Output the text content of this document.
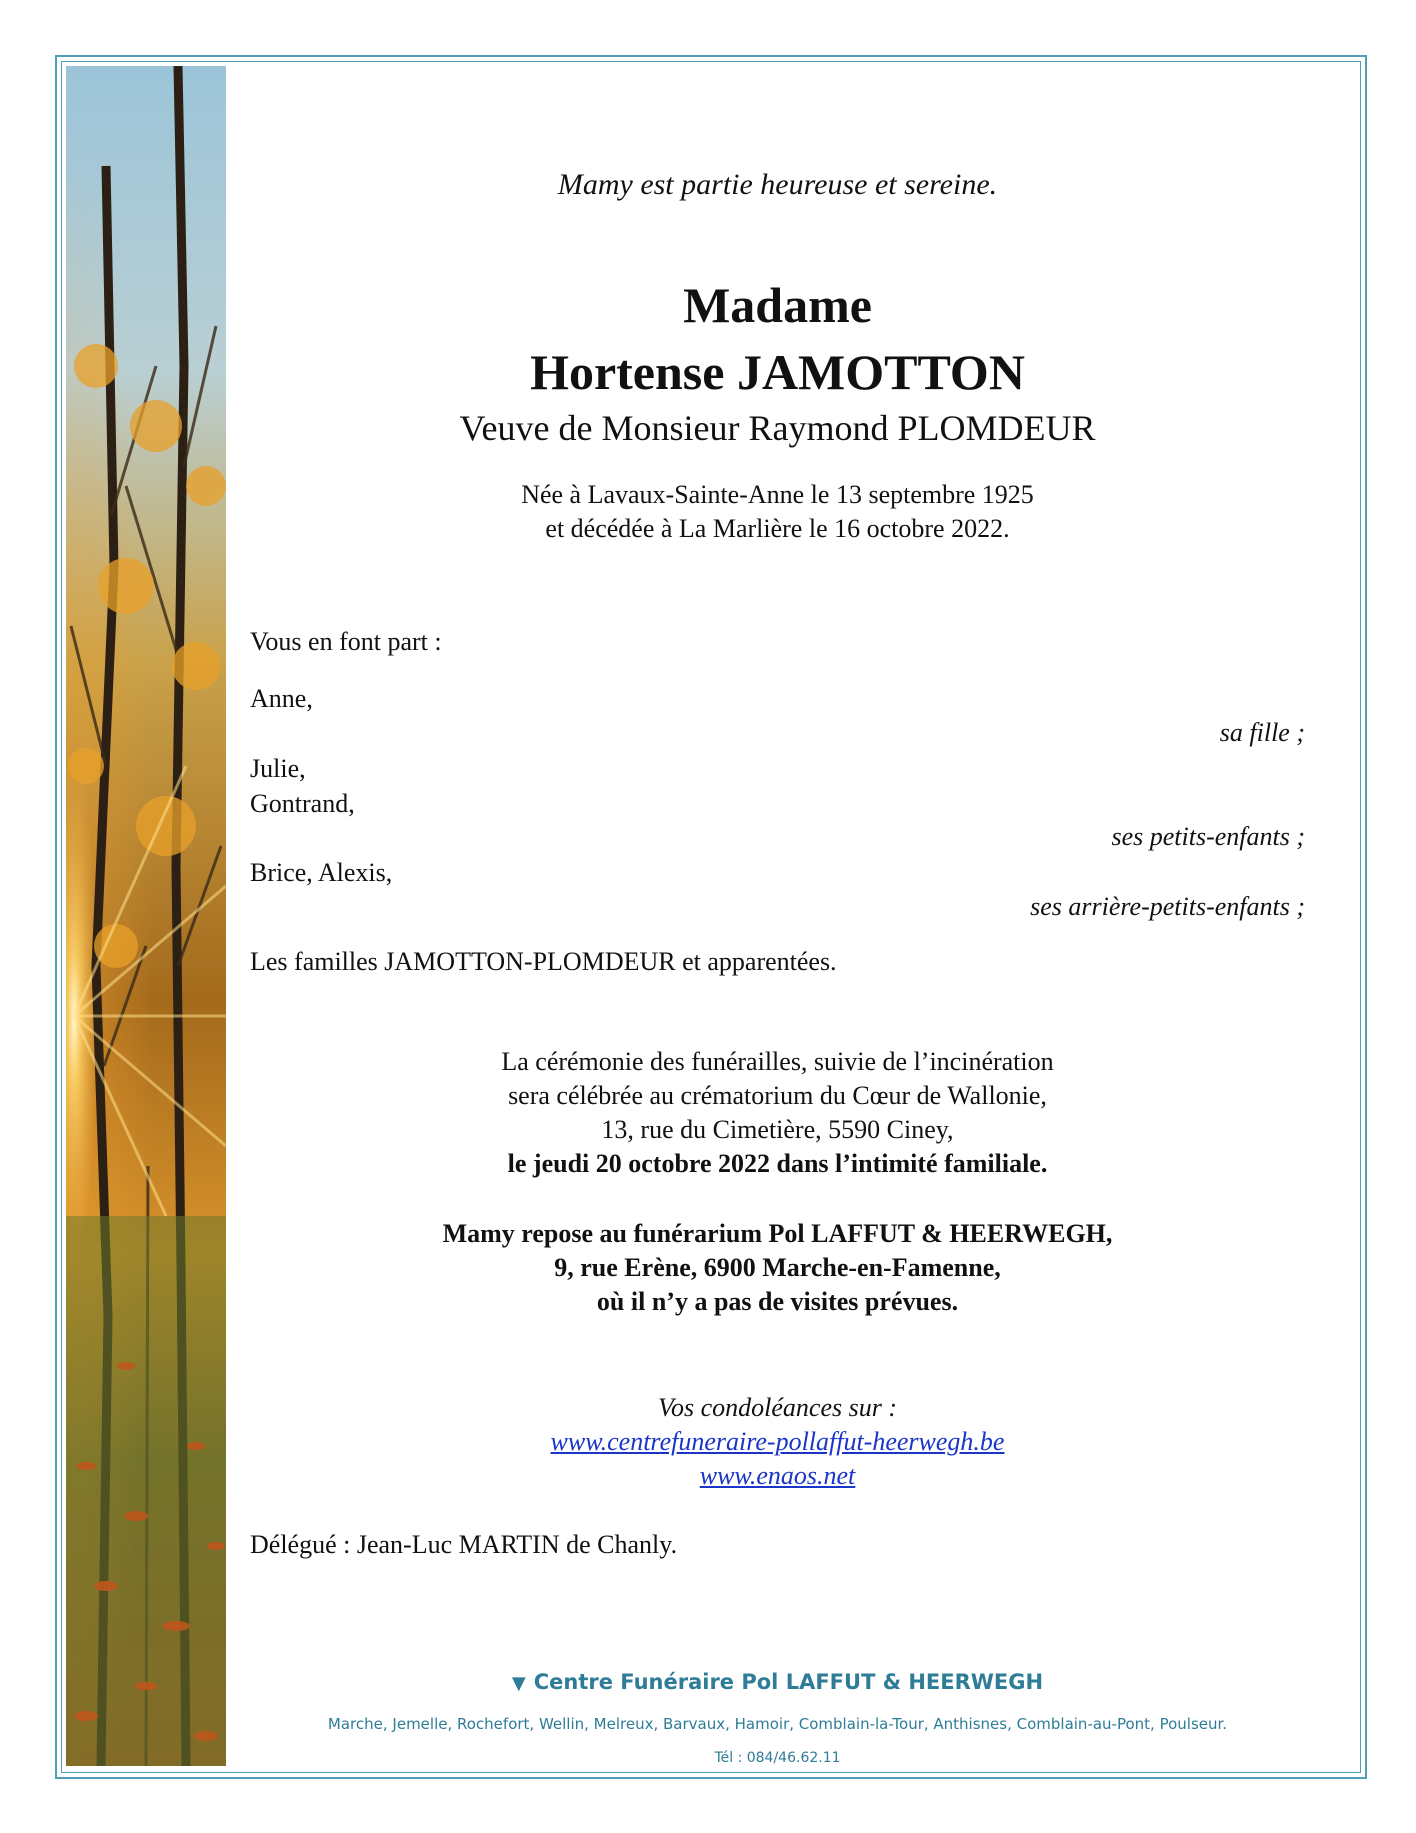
Mamy est partie heureuse et sereine.
Madame
Hortense JAMOTTON
Veuve de Monsieur Raymond PLOMDEUR
Née à Lavaux-Sainte-Anne le 13 septembre 1925
et décédée à La Marlière le 16 octobre 2022.
Vous en font part :
Anne,
sa fille ;
Julie,
Gontrand,
ses petits-enfants ;
Brice, Alexis,
ses arrière-petits-enfants ;
Les familles JAMOTTON-PLOMDEUR et apparentées.
La cérémonie des funérailles, suivie de l’incinération
sera célébrée au crématorium du Cœur de Wallonie,
13, rue du Cimetière, 5590 Ciney,
le jeudi 20 octobre 2022 dans l’intimité familiale.
Mamy repose au funérarium Pol LAFFUT & HEERWEGH,
9, rue Erène, 6900 Marche-en-Famenne,
où il n’y a pas de visites prévues.
Vos condoléances sur :
www.centrefuneraire-pollaffut-heerwegh.be
www.enaos.net
Délégué : Jean-Luc MARTIN de Chanly.
▼ Centre Funéraire Pol LAFFUT & HEERWEGH
Marche, Jemelle, Rochefort, Wellin, Melreux, Barvaux, Hamoir, Comblain-la-Tour, Anthisnes, Comblain-au-Pont, Poulseur.
Tél : 084/46.62.11
